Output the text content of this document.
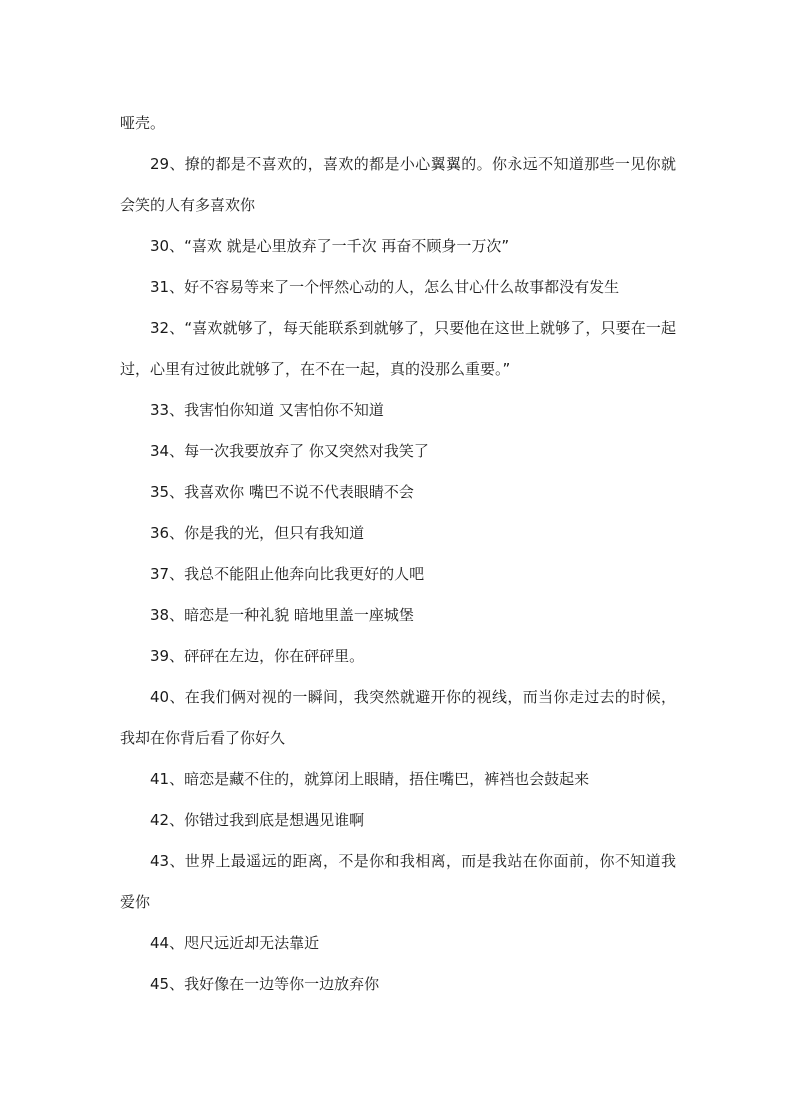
哑壳。

29、撩的都是不喜欢的，喜欢的都是小心翼翼的。你永远不知道那些一见你就会笑的人有多喜欢你

30、“喜欢 就是心里放弃了一千次 再奋不顾身一万次”

31、好不容易等来了一个怦然心动的人，怎么甘心什么故事都没有发生

32、“喜欢就够了，每天能联系到就够了，只要他在这世上就够了，只要在一起过，心里有过彼此就够了，在不在一起，真的没那么重要。”

33、我害怕你知道 又害怕你不知道

34、每一次我要放弃了 你又突然对我笑了

35、我喜欢你 嘴巴不说不代表眼睛不会

36、你是我的光，但只有我知道

37、我总不能阻止他奔向比我更好的人吧

38、暗恋是一种礼貌 暗地里盖一座城堡

39、砰砰在左边，你在砰砰里。

40、在我们俩对视的一瞬间，我突然就避开你的视线，而当你走过去的时候，我却在你背后看了你好久

41、暗恋是藏不住的，就算闭上眼睛，捂住嘴巴，裤裆也会鼓起来

42、你错过我到底是想遇见谁啊

43、世界上最遥远的距离，不是你和我相离，而是我站在你面前，你不知道我爱你

44、咫尺远近却无法靠近

45、我好像在一边等你一边放弃你
